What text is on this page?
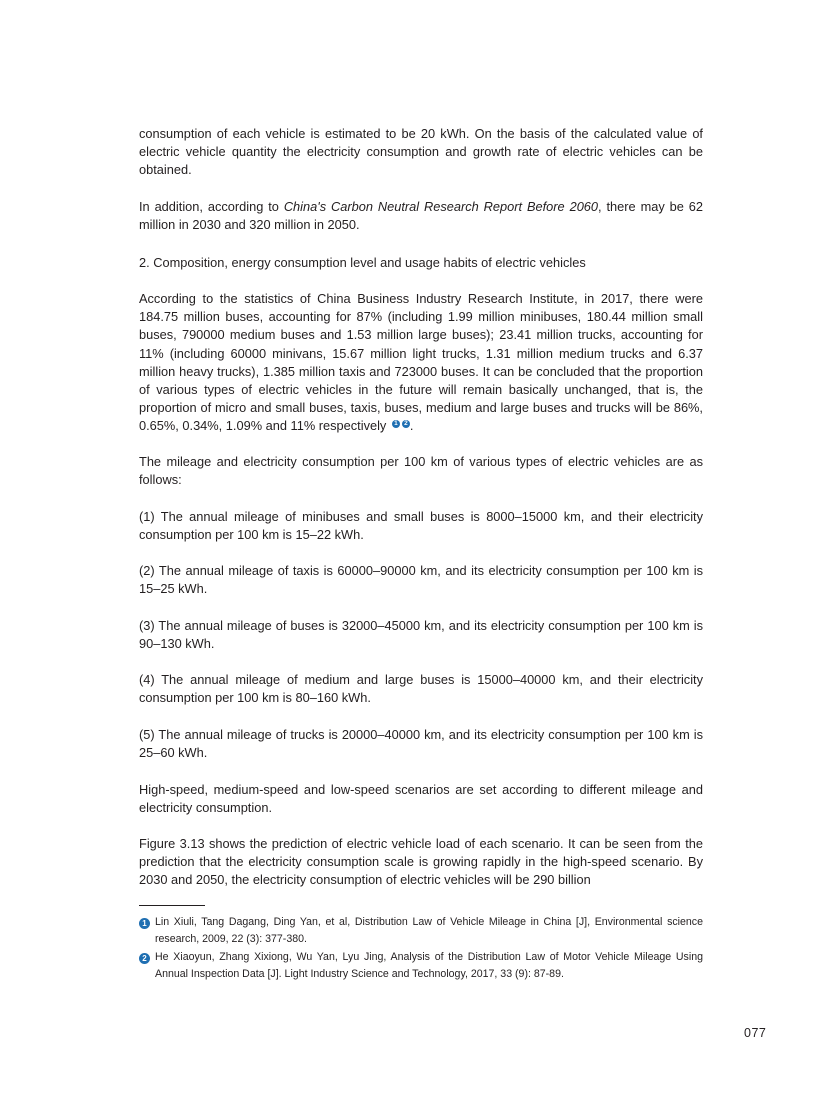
consumption of each vehicle is estimated to be 20 kWh. On the basis of the calculated value of electric vehicle quantity the electricity consumption and growth rate of electric vehicles can be obtained.

In addition, according to China's Carbon Neutral Research Report Before 2060, there may be 62 million in 2030 and 320 million in 2050.

2. Composition, energy consumption level and usage habits of electric vehicles

According to the statistics of China Business Industry Research Institute, in 2017, there were 184.75 million buses, accounting for 87% (including 1.99 million minibuses, 180.44 million small buses, 790000 medium buses and 1.53 million large buses); 23.41 million trucks, accounting for 11% (including 60000 minivans, 15.67 million light trucks, 1.31 million medium trucks and 6.37 million heavy trucks), 1.385 million taxis and 723000 buses. It can be concluded that the proportion of various types of electric vehicles in the future will remain basically unchanged, that is, the proportion of micro and small buses, taxis, buses, medium and large buses and trucks will be 86%, 0.65%, 0.34%, 1.09% and 11% respectively 1 2 .

The mileage and electricity consumption per 100 km of various types of electric vehicles are as follows:

(1) The annual mileage of minibuses and small buses is 8000–15000 km, and their electricity consumption per 100 km is 15–22 kWh.

(2) The annual mileage of taxis is 60000–90000 km, and its electricity consumption per 100 km is 15–25 kWh.

(3) The annual mileage of buses is 32000–45000 km, and its electricity consumption per 100 km is 90–130 kWh.

(4) The annual mileage of medium and large buses is 15000–40000 km, and their electricity consumption per 100 km is 80–160 kWh.

(5) The annual mileage of trucks is 20000–40000 km, and its electricity consumption per 100 km is 25–60 kWh.

High-speed, medium-speed and low-speed scenarios are set according to different mileage and electricity consumption.

Figure 3.13 shows the prediction of electric vehicle load of each scenario. It can be seen from the prediction that the electricity consumption scale is growing rapidly in the high-speed scenario. By 2030 and 2050, the electricity consumption of electric vehicles will be 290 billion

1 Lin Xiuli, Tang Dagang, Ding Yan, et al, Distribution Law of Vehicle Mileage in China [J], Environmental science research, 2009, 22 (3): 377-380.

2 He Xiaoyun, Zhang Xixiong, Wu Yan, Lyu Jing, Analysis of the Distribution Law of Motor Vehicle Mileage Using Annual Inspection Data [J]. Light Industry Science and Technology, 2017, 33 (9): 87-89.

077
